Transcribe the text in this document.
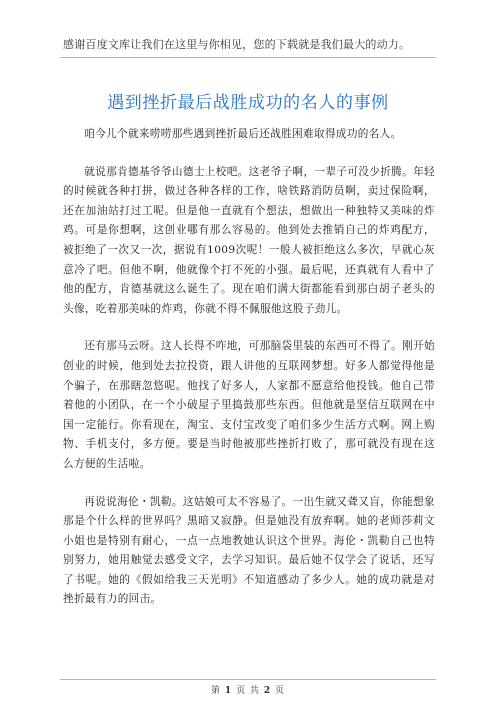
感谢百度文库让我们在这里与你相见，您的下载就是我们最大的动力。
遇到挫折最后战胜成功的名人的事例

咱今儿个就来唠唠那些遇到挫折最后还战胜困难取得成功的名人。

就说那肯德基爷爷山德士上校吧。这老爷子啊，一辈子可没少折腾。年轻的时候就各种打拼，做过各种各样的工作，啥铁路消防员啊，卖过保险啊，还在加油站打过工呢。但是他一直就有个想法，想做出一种独特又美味的炸鸡。可是你想啊，这创业哪有那么容易的。他到处去推销自己的炸鸡配方，被拒绝了一次又一次，据说有1009次呢！一般人被拒绝这么多次，早就心灰意冷了吧。但他不啊，他就像个打不死的小强。最后呢，还真就有人看中了他的配方，肯德基就这么诞生了。现在咱们满大街都能看到那白胡子老头的头像，吃着那美味的炸鸡，你就不得不佩服他这股子劲儿。

还有那马云呀。这人长得不咋地，可那脑袋里装的东西可不得了。刚开始创业的时候，他到处去拉投资，跟人讲他的互联网梦想。好多人都觉得他是个骗子，在那瞎忽悠呢。他找了好多人，人家都不愿意给他投钱。他自己带着他的小团队，在一个小破屋子里捣鼓那些东西。但他就是坚信互联网在中国一定能行。你看现在，淘宝、支付宝改变了咱们多少生活方式啊。网上购物、手机支付，多方便。要是当时他被那些挫折打败了，那可就没有现在这么方便的生活啦。

再说说海伦・凯勒。这姑娘可太不容易了。一出生就又聋又盲，你能想象那是个什么样的世界吗？黑暗又寂静。但是她没有放弃啊。她的老师莎莉文小姐也是特别有耐心，一点一点地教她认识这个世界。海伦・凯勒自己也特别努力，她用触觉去感受文字，去学习知识。最后她不仅学会了说话，还写了书呢。她的《假如给我三天光明》不知道感动了多少人。她的成功就是对挫折最有力的回击。

第 1 页 共 2 页
